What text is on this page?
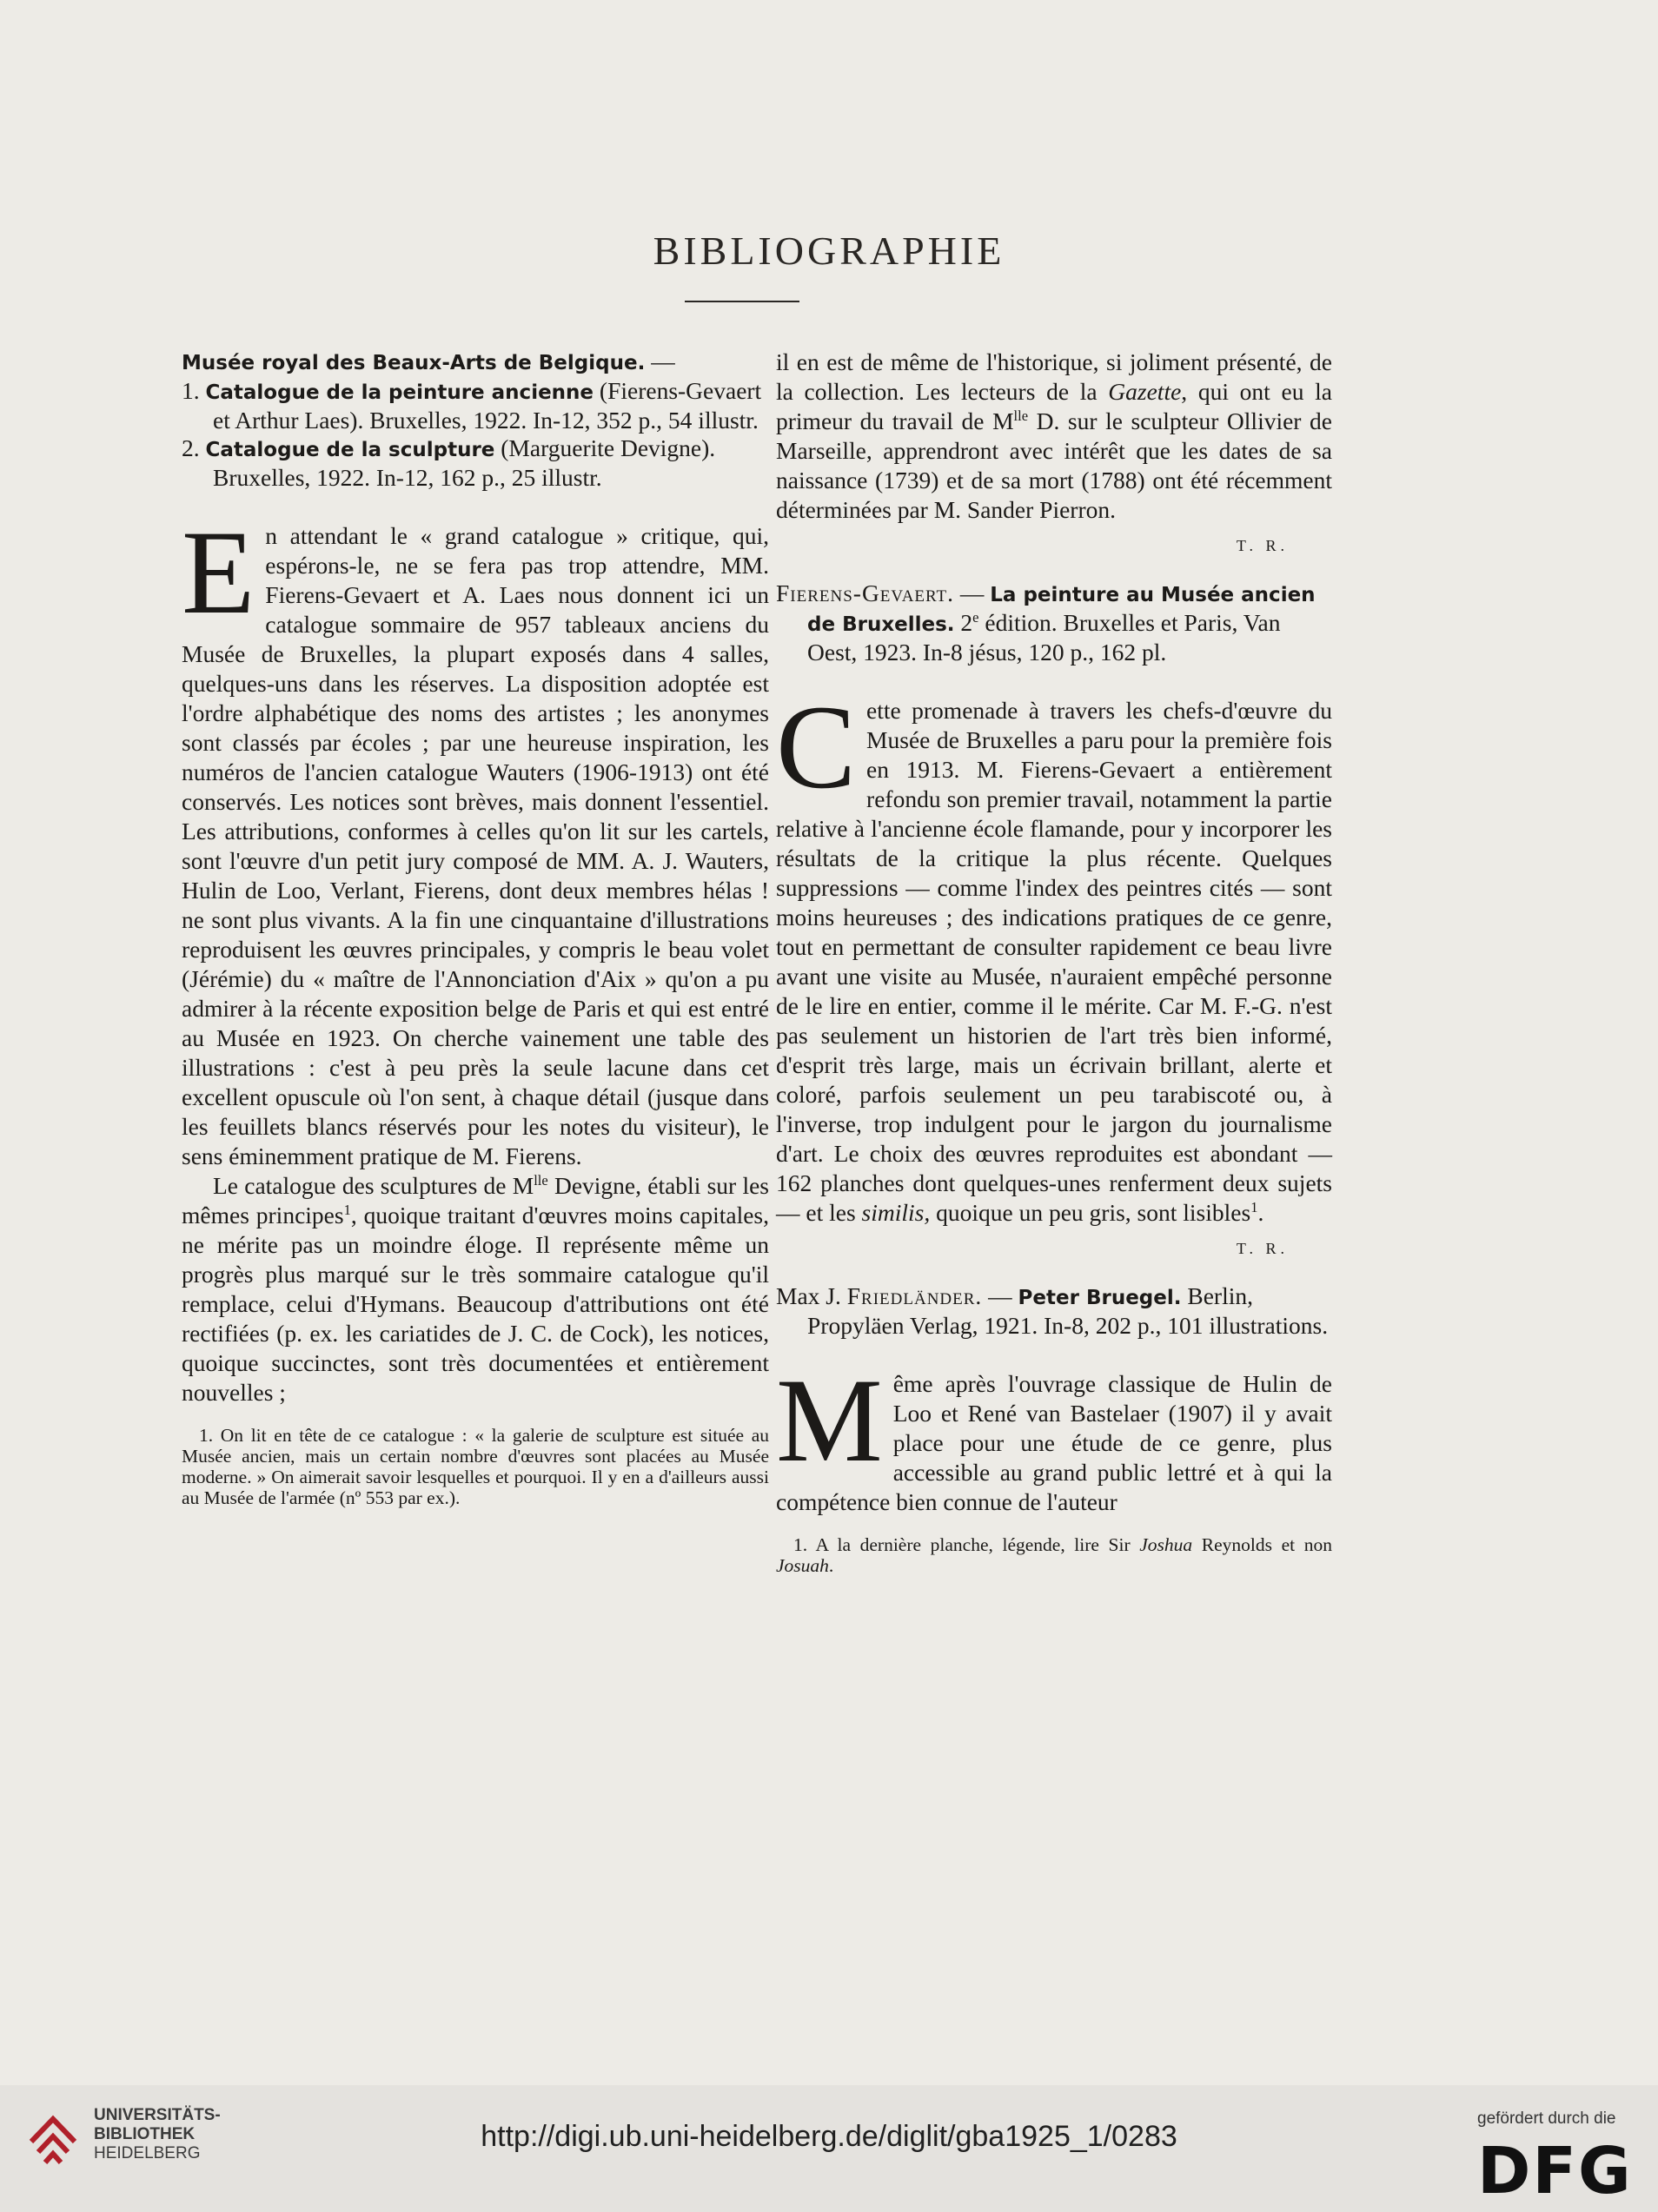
BIBLIOGRAPHIE

Musée royal des Beaux-Arts de Belgique. —

1. Catalogue de la peinture ancienne (Fierens-Gevaert et Arthur Laes). Bruxelles, 1922. In-12, 352 p., 54 illustr.

2. Catalogue de la sculpture (Marguerite Devigne). Bruxelles, 1922. In-12, 162 p., 25 illustr.

En attendant le « grand catalogue » critique, qui, espérons-le, ne se fera pas trop attendre, MM. Fierens-Gevaert et A. Laes nous donnent ici un catalogue sommaire de 957 tableaux anciens du Musée de Bruxelles, la plupart exposés dans 4 salles, quelques-uns dans les réserves. La disposition adoptée est l'ordre alphabétique des noms des artistes ; les anonymes sont classés par écoles ; par une heureuse inspiration, les numéros de l'ancien catalogue Wauters (1906-1913) ont été conservés. Les notices sont brèves, mais donnent l'essentiel. Les attributions, conformes à celles qu'on lit sur les cartels, sont l'œuvre d'un petit jury composé de MM. A. J. Wauters, Hulin de Loo, Verlant, Fierens, dont deux membres hélas ! ne sont plus vivants. A la fin une cinquantaine d'illustrations reproduisent les œuvres principales, y compris le beau volet (Jérémie) du « maître de l'Annonciation d'Aix » qu'on a pu admirer à la récente exposition belge de Paris et qui est entré au Musée en 1923. On cherche vainement une table des illustrations : c'est à peu près la seule lacune dans cet excellent opuscule où l'on sent, à chaque détail (jusque dans les feuillets blancs réservés pour les notes du visiteur), le sens éminemment pratique de M. Fierens.

Le catalogue des sculptures de $M^{lle}$ Devigne, établi sur les mêmes principes$^1$, quoique traitant d'œuvres moins capitales, ne mérite pas un moindre éloge. Il représente même un progrès plus marqué sur le très sommaire catalogue qu'il remplace, celui d'Hymans. Beaucoup d'attributions ont été rectifiées (p. ex. les cariatides de J. C. de Cock), les notices, quoique succinctes, sont très documentées et entièrement nouvelles ;

1. On lit en tête de ce catalogue : « la galerie de sculpture est située au Musée ancien, mais un certain nombre d'œuvres sont placées au Musée moderne. » On aimerait savoir lesquelles et pourquoi. Il y en a d'ailleurs aussi au Musée de l'armée (nº 553 par ex.).

il en est de même de l'historique, si joliment présenté, de la collection. Les lecteurs de la Gazette, qui ont eu la primeur du travail de $M^{lle}$ D. sur le sculpteur Ollivier de Marseille, apprendront avec intérêt que les dates de sa naissance (1739) et de sa mort (1788) ont été récemment déterminées par M. Sander Pierron.

T. R.

Fierens-Gevaert. — La peinture au Musée ancien de Bruxelles. 2e édition. Bruxelles et Paris, Van Oest, 1923. In-8 jésus, 120 p., 162 pl.

Cette promenade à travers les chefs-d'œuvre du Musée de Bruxelles a paru pour la première fois en 1913. M. Fierens-Gevaert a entièrement refondu son premier travail, notamment la partie relative à l'ancienne école flamande, pour y incorporer les résultats de la critique la plus récente. Quelques suppressions — comme l'index des peintres cités — sont moins heureuses ; des indications pratiques de ce genre, tout en permettant de consulter rapidement ce beau livre avant une visite au Musée, n'auraient empêché personne de le lire en entier, comme il le mérite. Car M. F.-G. n'est pas seulement un historien de l'art très bien informé, d'esprit très large, mais un écrivain brillant, alerte et coloré, parfois seulement un peu tarabiscoté ou, à l'inverse, trop indulgent pour le jargon du journalisme d'art. Le choix des œuvres reproduites est abondant — 162 planches dont quelques-unes renferment deux sujets — et les similis, quoique un peu gris, sont lisibles$^1$.

T. R.

Max J. Friedländer. — Peter Bruegel. Berlin, Propyläen Verlag, 1921. In-8, 202 p., 101 illustrations.

Même après l'ouvrage classique de Hulin de Loo et René van Bastelaer (1907) il y avait place pour une étude de ce genre, plus accessible au grand public lettré et à qui la compétence bien connue de l'auteur

1. A la dernière planche, légende, lire Sir Joshua Reynolds et non Josuah.

UNIVERSITÄTS-
BIBLIOTHEK
HEIDELBERG
http://digi.ub.uni-heidelberg.de/diglit/gba1925_1/0283
gefördert durch die
DFG
